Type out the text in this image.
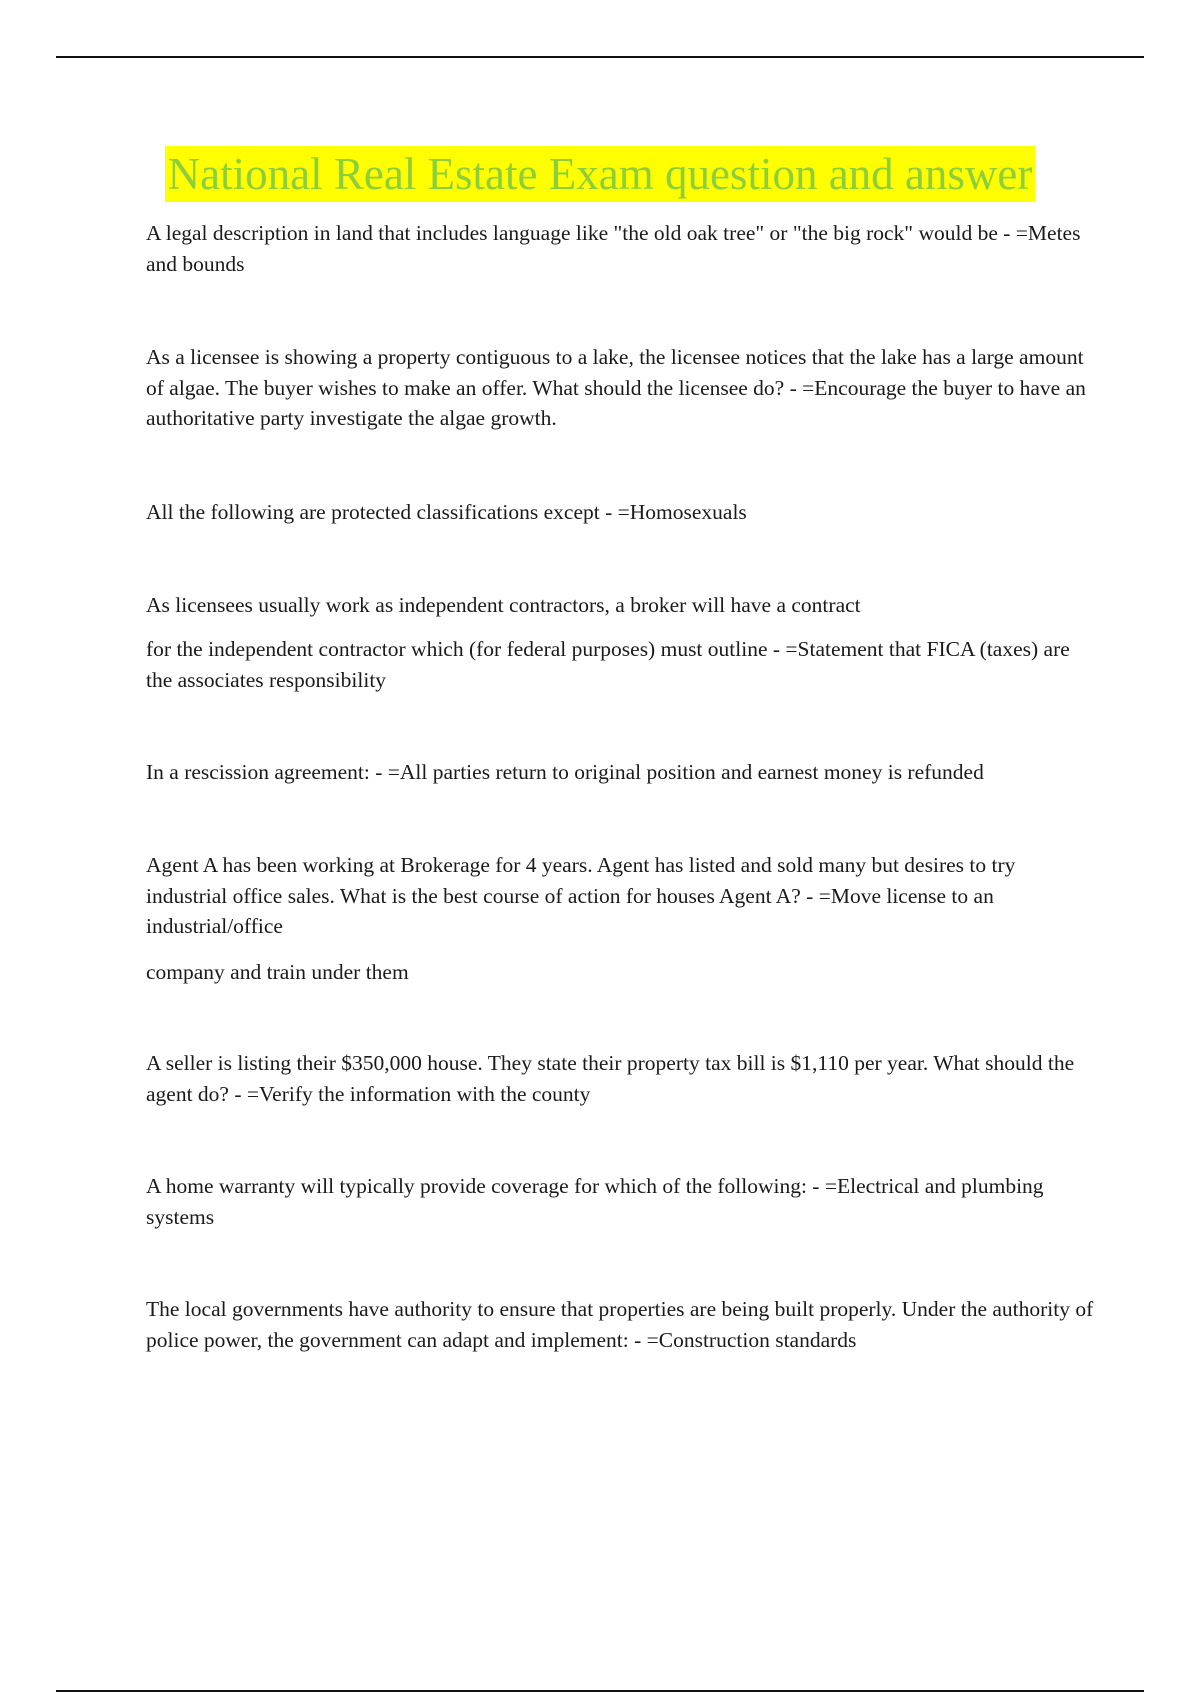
National Real Estate Exam question and answer

A legal description in land that includes language like "the old oak tree" or "the big rock" would be - =Metes and bounds

As a licensee is showing a property contiguous to a lake, the licensee notices that the lake has a large amount of algae. The buyer wishes to make an offer. What should the licensee do? - =Encourage the buyer to have an authoritative party investigate the algae growth.

All the following are protected classifications except - =Homosexuals

As licensees usually work as independent contractors, a broker will have a contract

for the independent contractor which (for federal purposes) must outline - =Statement that FICA (taxes) are the associates responsibility

In a rescission agreement: - =All parties return to original position and earnest money is refunded

Agent A has been working at Brokerage for 4 years. Agent has listed and sold many but desires to try industrial office sales. What is the best course of action for houses Agent A? - =Move license to an industrial/office

company and train under them

A seller is listing their $350,000 house. They state their property tax bill is $1,110 per year. What should the agent do? - =Verify the information with the county

A home warranty will typically provide coverage for which of the following: - =Electrical and plumbing systems

The local governments have authority to ensure that properties are being built properly. Under the authority of police power, the government can adapt and implement: - =Construction standards
